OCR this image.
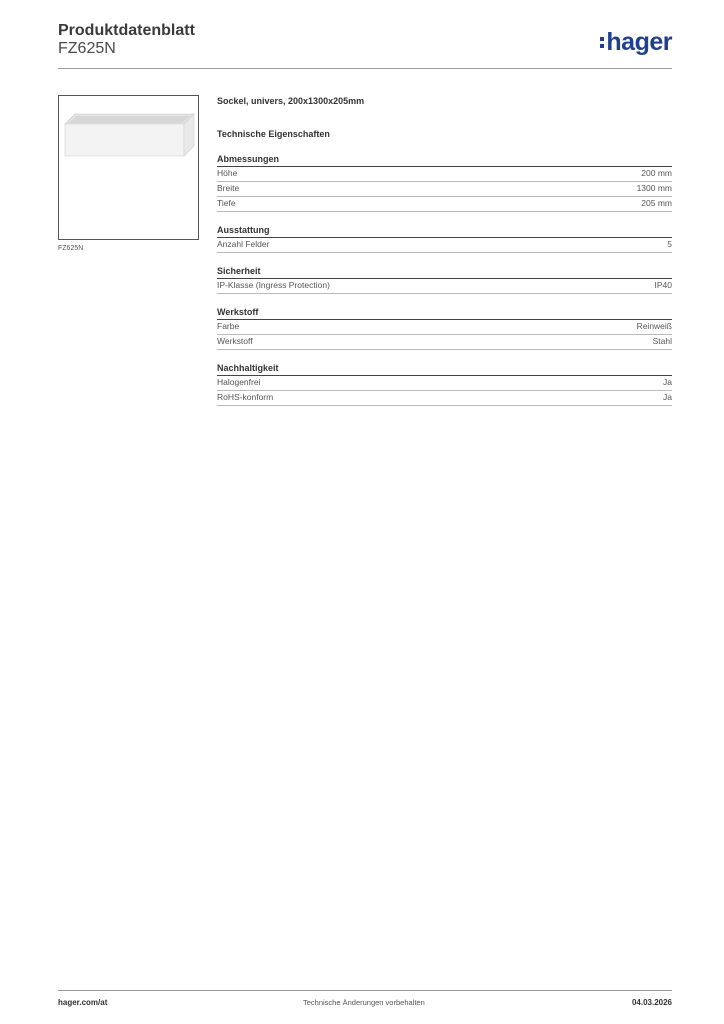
Produktdatenblatt
FZ625N	hager
FZ625N
Sockel, univers, 200x1300x205mm
Technische Eigenschaften
Abmessungen
Höhe	200 mm
Breite	1300 mm
Tiefe	205 mm
Ausstattung
Anzahl Felder	5
Sicherheit
IP-Klasse (Ingress Protection)	IP40
Werkstoff
Farbe	Reinweiß
Werkstoff	Stahl
Nachhaltigkeit
Halogenfrei	Ja
RoHS-konform	Ja
hager.com/at	Technische Änderungen vorbehalten	04.03.2026
